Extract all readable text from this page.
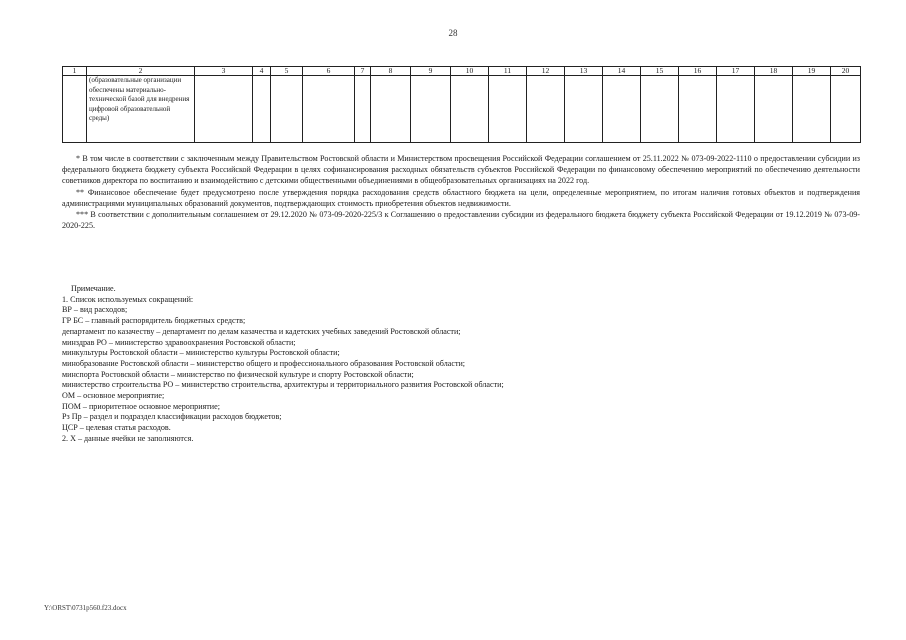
28
1	2	3	4	5	6	7	8	9	10	11	12	13	14	15	16	17	18	19	20
	(образовательные организации обеспечены материально-технической базой для внедрения цифровой образовательной среды)																		

* В том числе в соответствии с заключенным между Правительством Ростовской области и Министерством просвещения Российской Федерации соглашением от 25.11.2022 № 073-09-2022-1110 о предоставлении субсидии из федерального бюджета бюджету субъекта Российской Федерации в целях софинансирования расходных обязательств субъектов Российской Федерации по финансовому обеспечению мероприятий по обеспечению деятельности советников директора по воспитанию и взаимодействию с детскими общественными объединениями в общеобразовательных организациях на 2022 год.

** Финансовое обеспечение будет предусмотрено после утверждения порядка расходования средств областного бюджета на цели, определенные мероприятием, по итогам наличия готовых объектов и подтверждения администрациями муниципальных образований документов, подтверждающих стоимость приобретения объектов недвижимости.

*** В соответствии с дополнительным соглашением от 29.12.2020 № 073-09-2020-225/3 к Соглашению о предоставлении субсидии из федерального бюджета бюджету субъекта Российской Федерации от 19.12.2019 № 073-09-2020-225.

Примечание.
1. Список используемых сокращений:
ВР – вид расходов;
ГР БС – главный распорядитель бюджетных средств;
департамент по казачеству – департамент по делам казачества и кадетских учебных заведений Ростовской области;
минздрав РО – министерство здравоохранения Ростовской области;
минкультуры Ростовской области – министерство культуры Ростовской области;
минобразование Ростовской области – министерство общего и профессионального образования Ростовской области;
минспорта Ростовской области – министерство по физической культуре и спорту Ростовской области;
министерство строительства РО – министерство строительства, архитектуры и территориального развития Ростовской области;
ОМ – основное мероприятие;
ПОМ – приоритетное основное мероприятие;
Рз Пр – раздел и подраздел классификации расходов бюджетов;
ЦСР – целевая статья расходов.
2. Х – данные ячейки не заполняются.
Y:\ORST\0731p560.f23.docx
